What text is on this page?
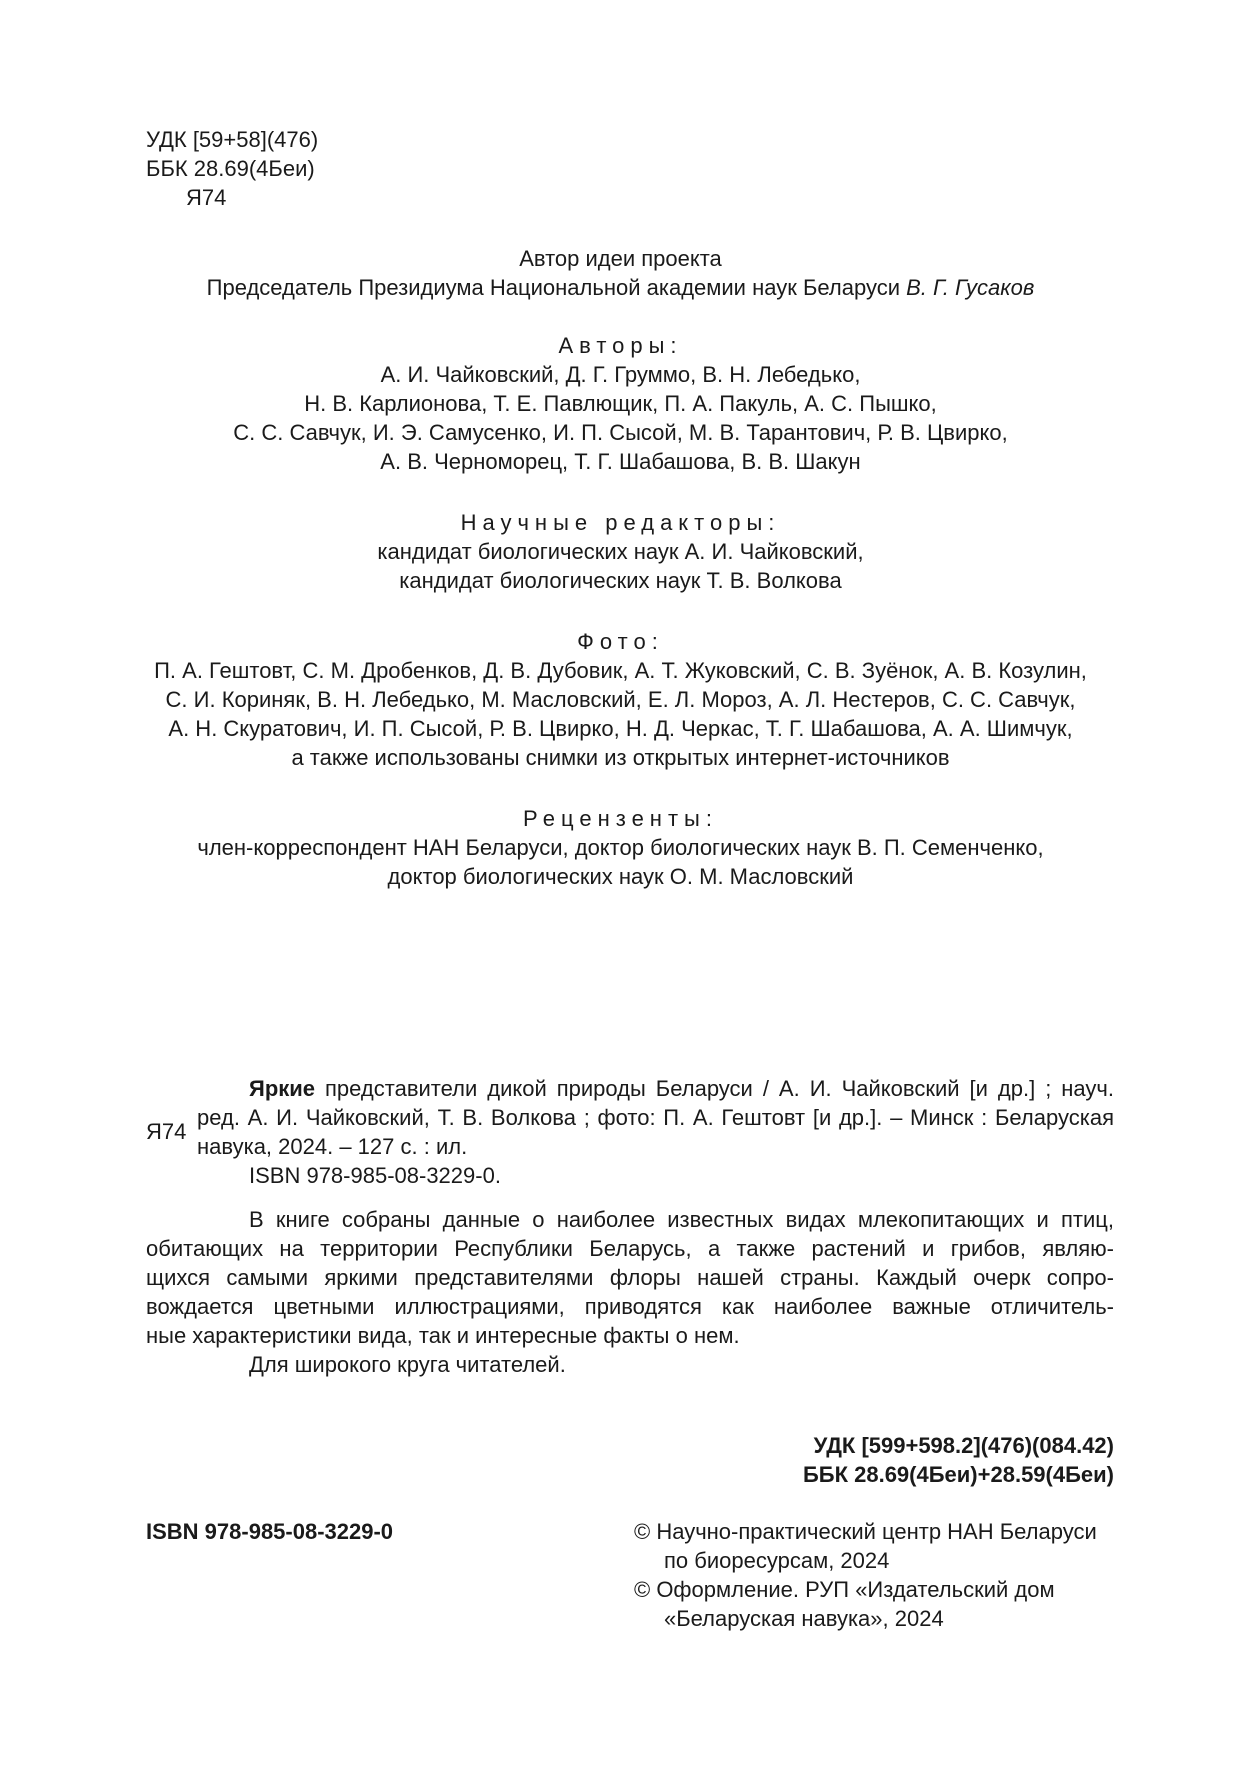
УДК [59+58](476)
ББК 28.69(4Беи)
Я74
Автор идеи проекта
Председатель Президиума Национальной академии наук Беларуси В. Г. Гусаков
Авторы:
А. И. Чайковский, Д. Г. Груммо, В. Н. Лебедько,
Н. В. Карлионова, Т. Е. Павлющик, П. А. Пакуль, А. С. Пышко,
С. С. Савчук, И. Э. Самусенко, И. П. Сысой, М. В. Тарантович, Р. В. Цвирко,
А. В. Черноморец, Т. Г. Шабашова, В. В. Шакун
Научные редакторы:
кандидат биологических наук А. И. Чайковский,
кандидат биологических наук Т. В. Волкова
Фото:
П. А. Гештовт, С. М. Дробенков, Д. В. Дубовик, А. Т. Жуковский, С. В. Зуёнок, А. В. Козулин,
С. И. Кориняк, В. Н. Лебедько, М. Масловский, Е. Л. Мороз, А. Л. Нестеров, С. С. Савчук,
А. Н. Скуратович, И. П. Сысой, Р. В. Цвирко, Н. Д. Черкас, Т. Г. Шабашова, А. А. Шимчук,
а также использованы снимки из открытых интернет-источников
Рецензенты:
член-корреспондент НАН Беларуси, доктор биологических наук В. П. Семенченко,
доктор биологических наук О. М. Масловский
Я74
Яркие представители дикой природы Беларуси / А. И. Чайковский [и др.] ; науч.
ред. А. И. Чайковский, Т. В. Волкова ; фото: П. А. Гештовт [и др.]. – Минск : Беларуская
навука, 2024. – 127 с. : ил.
ISBN 978-985-08-3229-0.
В книге собраны данные о наиболее известных видах млекопитающих и птиц,
обитающих на территории Республики Беларусь, а также растений и грибов, являю-
щихся самыми яркими представителями флоры нашей страны. Каждый очерк сопро-
вождается цветными иллюстрациями, приводятся как наиболее важные отличитель-
ные характеристики вида, так и интересные факты о нем.
Для широкого круга читателей.
УДК [599+598.2](476)(084.42)
ББК 28.69(4Беи)+28.59(4Беи)
ISBN 978-985-08-3229-0	© Научно-практический центр НАН Беларуси
по биоресурсам, 2024
© Оформление. РУП «Издательский дом
«Беларуская навука», 2024
